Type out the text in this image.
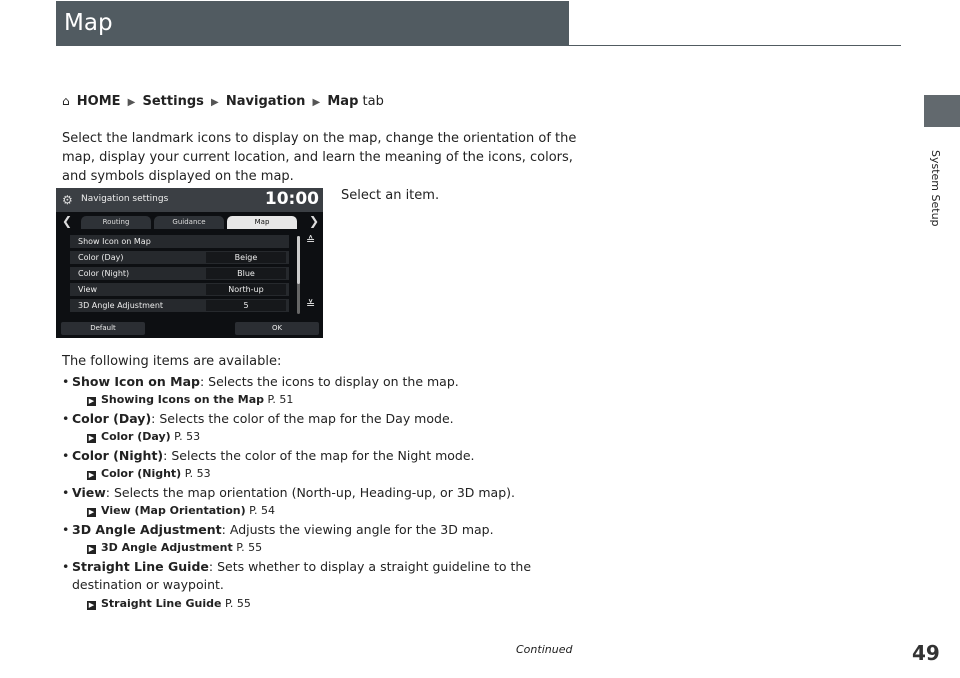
Map
System Setup
⌂ HOME ▶ Settings ▶ Navigation ▶ Map tab
Select the landmark icons to display on the map, change the orientation of the map, display your current location, and learn the meaning of the icons, colors, and symbols displayed on the map.
Select an item.
⚙ Navigation settings	10:00
❮	Routing	Guidance	Map	❯
Show Icon on Map
Color (Day)	Beige
Color (Night)	Blue
View	North-up
3D Angle Adjustment	5
≙
≚
Default	OK
The following items are available:
• Show Icon on Map: Selects the icons to display on the map.
▶ Showing Icons on the Map P. 51
• Color (Day): Selects the color of the map for the Day mode.
▶ Color (Day) P. 53
• Color (Night): Selects the color of the map for the Night mode.
▶ Color (Night) P. 53
• View: Selects the map orientation (North-up, Heading-up, or 3D map).
▶ View (Map Orientation) P. 54
• 3D Angle Adjustment: Adjusts the viewing angle for the 3D map.
▶ 3D Angle Adjustment P. 55
• Straight Line Guide: Sets whether to display a straight guideline to the destination or waypoint.
▶ Straight Line Guide P. 55
Continued	49
